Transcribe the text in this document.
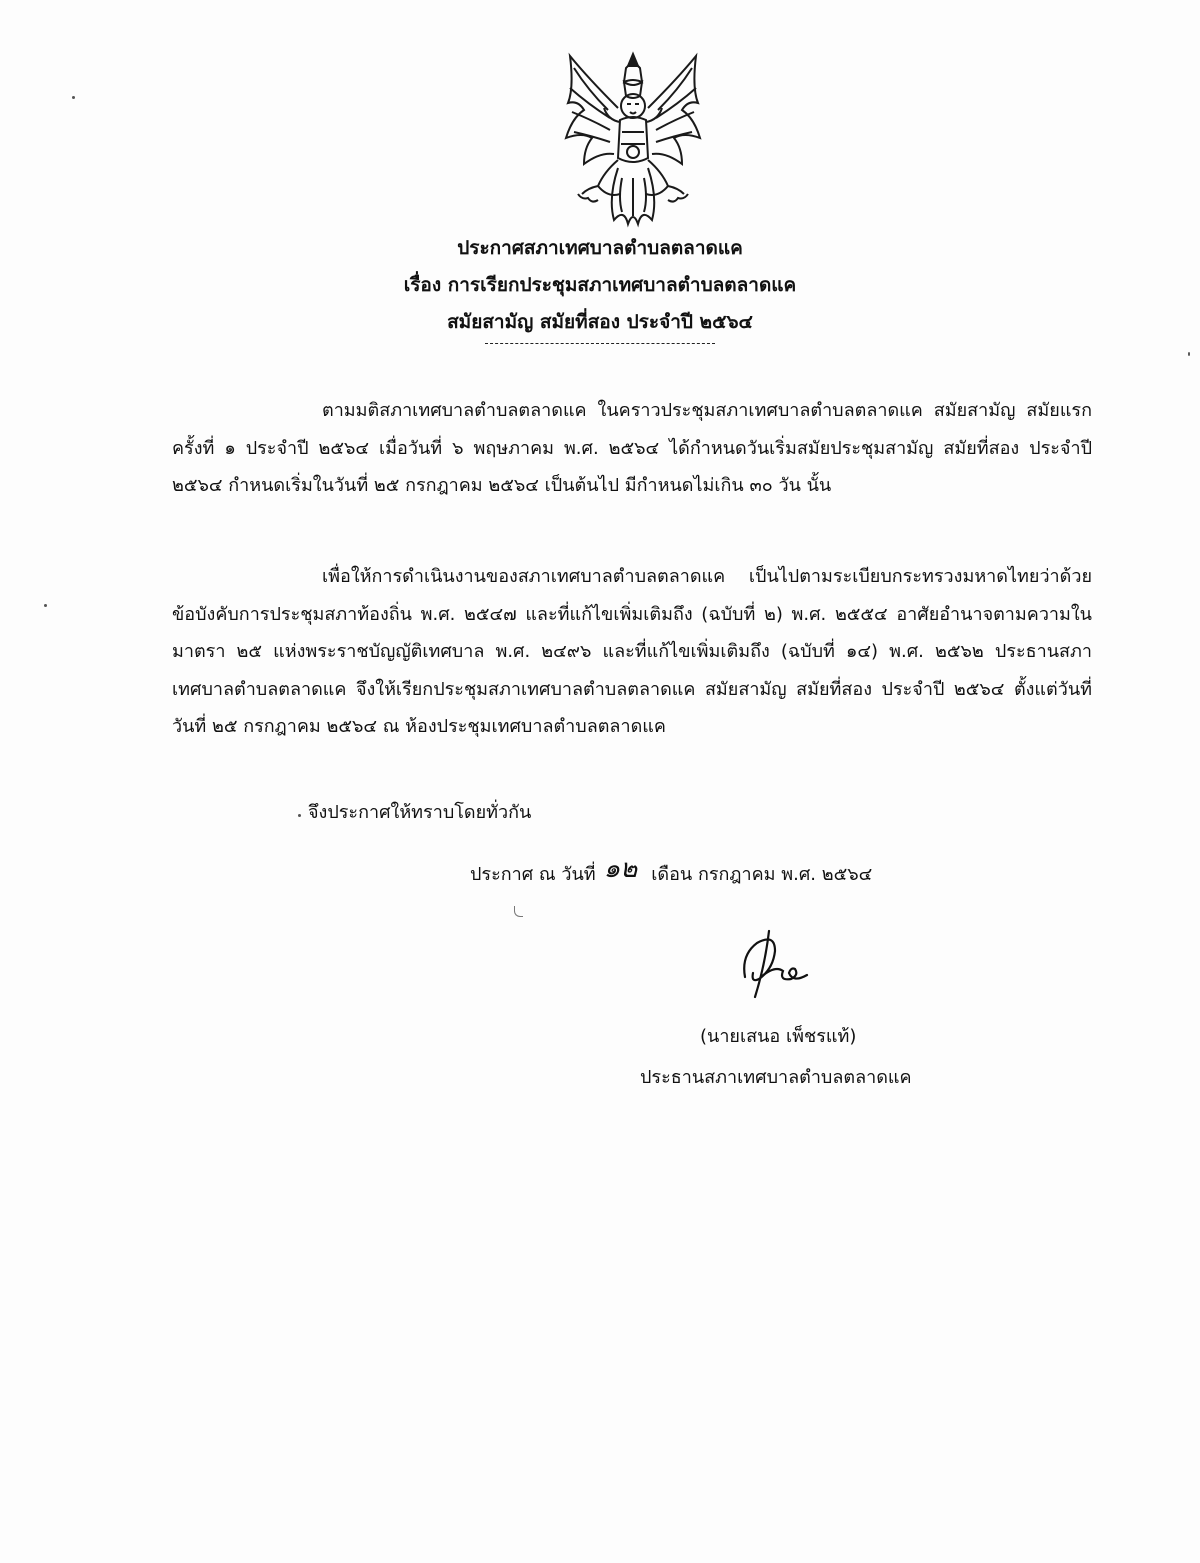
ประกาศสภาเทศบาลตำบลตลาดแค
เรื่อง การเรียกประชุมสภาเทศบาลตำบลตลาดแค
สมัยสามัญ สมัยที่สอง ประจำปี ๒๕๖๔
ตามมติสภาเทศบาลตำบลตลาดแค ในคราวประชุมสภาเทศบาลตำบลตลาดแค สมัยสามัญ สมัยแรก ครั้งที่ ๑ ประจำปี ๒๕๖๔ เมื่อวันที่ ๖ พฤษภาคม พ.ศ. ๒๕๖๔ ได้กำหนดวันเริ่มสมัยประชุมสามัญ สมัยที่สอง ประจำปี ๒๕๖๔ กำหนดเริ่มในวันที่ ๒๕ กรกฎาคม ๒๕๖๔ เป็นต้นไป มีกำหนดไม่เกิน ๓๐ วัน นั้น
เพื่อให้การดำเนินงานของสภาเทศบาลตำบลตลาดแค เป็นไปตามระเบียบกระทรวงมหาดไทยว่าด้วยข้อบังคับการประชุมสภาท้องถิ่น พ.ศ. ๒๕๔๗ และที่แก้ไขเพิ่มเติมถึง (ฉบับที่ ๒) พ.ศ. ๒๕๕๔ อาศัยอำนาจตามความในมาตรา ๒๕ แห่งพระราชบัญญัติเทศบาล พ.ศ. ๒๔๙๖ และที่แก้ไขเพิ่มเติมถึง (ฉบับที่ ๑๔) พ.ศ. ๒๕๖๒ ประธานสภาเทศบาลตำบลตลาดแค จึงให้เรียกประชุมสภาเทศบาลตำบลตลาดแค สมัยสามัญ สมัยที่สอง ประจำปี ๒๕๖๔ ตั้งแต่วันที่ วันที่ ๒๕ กรกฎาคม ๒๕๖๔ ณ ห้องประชุมเทศบาลตำบลตลาดแค
จึงประกาศให้ทราบโดยทั่วกัน
ประกาศ ณ วันที่ ๑๒ เดือน กรกฎาคม พ.ศ. ๒๕๖๔
(นายเสนอ เพ็ชรแท้)
ประธานสภาเทศบาลตำบลตลาดแค
